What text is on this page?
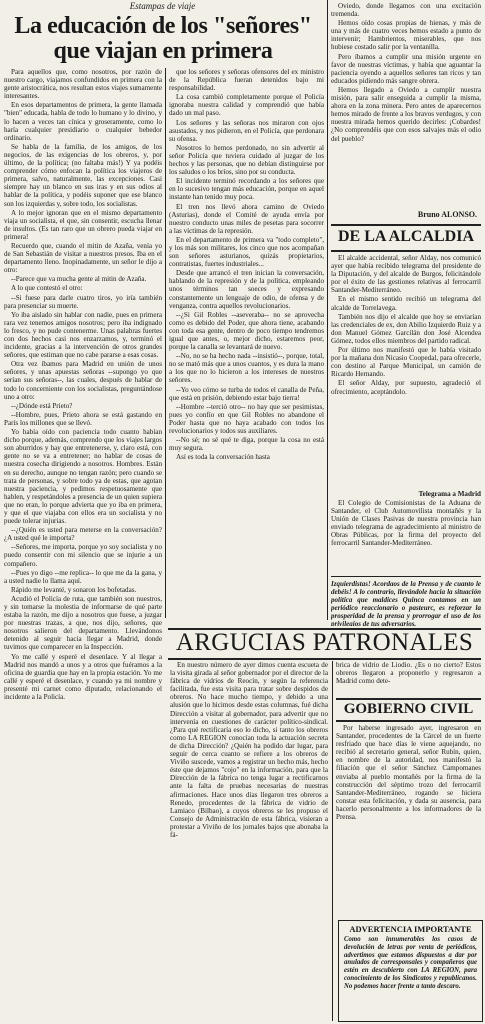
Estampas de viaje
La educación de los "señores"
que viajan en primera

Para aquellos que, como nosotros, por razón de nuestro cargo, viajamos confundidos en primera con la gente aristocrática, nos resultan estos viajes sumamente interesantes.

En esos departamentos de primera, la gente llamada "bien" educada, habla de todo lo humano y lo divino, y lo hacen a veces tan cínica y groseramente, como lo haría cualquier presidiario o cualquier bebedor ordinario.

Se habla de la familia, de los amigos, de los negocios, de las exigencias de los obreros, y, por último, de la política; (no faltaba más!) Y ya podéis comprender cómo enfocan la política los viajeros de primera, salvo, naturalmente, las excepciones. Casi siempre hay un blanco en sus iras y en sus odios al hablar de la política, y podéis suponer que ese blanco son los izquierdas y, sobre todo, los socialistas.

A lo mejor ignoran que en el mismo departamento viaja un socialista, el que, sin consentir, escucha llenar de insultos. (Es tan raro que un obrero pueda viajar en primera!

Recuerdo que, cuando el mitin de Azaña, venía yo de San Sebastián de visitar a nuestros presos. Iba en el departamento lleno. Inopinadamente, un señor le dijo a otro:

--Parece que va mucha gente al mitin de Azaña.

A lo que contestó el otro:

--Si fuese para darle cuatro tiros, yo iría también para presenciar su muerte.

Yo iba aislado sin hablar con nadie, pues en primera rara vez tenemos amigos nosotros; pero iba indignado lo fresco, y no pude contenerme. Unas palabras fuertes con dos hechos casi nos enzarzamos, y, terminó el incidente, gracias a la intervención de otros grandes señores, que estiman que no cabe pararse a esas cosas.

Otra vez íbamos para Madrid en unión de unos señores, y unas apuestas señoras --supongo yo que serían sus señoras--, las cuales, después de hablar de todo lo concerniente con los socialistas, preguntándose uno a otro:

--¿Dónde está Prieto?

--Hombre, pues, Prieto ahora se está gastando en París los millones que se llevó.

Yo había oído con paciencia todo cuanto habían dicho porque, además, comprendo que los viajes largos son aburridos y hay que entretenerse, y, claro está, con gente no se va a entretener; no hablar de cosas de nuestra cosecha dirigiendo a nosotros. Hombres. Están en su derecho, aunque no tengan razón; pero cuando se trata de personas, y sobre todo ya de estas, que agotan nuestra paciencia, y pedimos respetuosamente que hablen, y respetándoles a presencia de un quien supiera que no eran, lo porque advierta que yo iba en primera, y que el que viajaba con ellos era un socialista y no puede tolerar injurias.

--¿Quién es usted para meterse en la conversación? ¿A usted qué le importa?

--Señores, me importa, porque yo soy socialista y no puedo consentir con mi silencio que se injurie a un compañero.

--Pues yo digo --me replica-- lo que me da la gana, y a usted nadie lo llama aquí.

Rápido me levanté, y sonaron los bofetadas.

Acudió el Policía de ruta, que también son nuestros, y sin tomarse la molestia de informarse de qué parte estaba la razón, me dijo a nosotros que fuese, a juzgar por nuestras trazas, a que, nos dijo, señores, que nosotros salieron del departamento. Llevándonos detenido al seguir hacia llegar a Madrid, donde tuvimos que comparecer en la Inspección.

Yo me callé y esperé el desenlace. Y al llegar a Madrid nos mandó a unos y a otros que fuéramos a la oficina de guardia que hay en la propia estación. Yo me callé y esperé el desenlace, y cuando ya mi nombre y presenté mi carnet como diputado, relacionando el incidente a la Policía.

que los señores y señoras ofensores del ex ministro de la República fueran detenidos bajo mi responsabilidad.

La cosa cambió completamente porque el Policía ignoraba nuestra calidad y comprendió que había dado un mal paso.

Los señores y las señoras nos miraron con ojos asustados, y nos pidieron, en el Policía, que perdonara su ofensa.

Nosotros lo hemos perdonado, no sin advertir al señor Policía que tuviera cuidado al juzgar de los hechos y las personas, que no debían distinguirse por los saludos o los bríos, sino por su conducta.

El incidente terminó recordando a los señores que en lo sucesivo tengan más educación, porque en aquel instante han tenido muy poca.

El tren nos llevó ahora camino de Oviedo (Asturias), donde el Comité de ayuda envía por nuestro conducto unas miles de pesetas para socorrer a las víctimas de la represión.

En el departamento de primera va "todo completo", y los más son militares, los cinco que nos acompañan son señores asturianos, quizás propietarios, contratistas, fuertes industriales...

Desde que arrancó el tren inician la conversación, hablando de la represión y de la política, empleando unos términos tan soeces y expresando constantemente un lenguaje de odio, de ofensa y de venganza, contra aquellos revolucionarios.

--¿Si Gil Robles --aseveraba-- no se aprovecha como es debido del Poder, que ahora tiene, acabando con toda esa gente, dentro de poco tiempo tendremos igual que antes, o, mejor dicho, estaremos peor, porque la canalla se levantará de nuevo.

--No, no se ha hecho nada --insistió--, porque, total, no se mató más que a unos cuantos, y es dura la mano a los que no lo hicieron a los intereses de nuestros señores.

--Yo veo cómo se turba de todos el canalla de Peña, que está en prisión, debiendo estar bajo tierra!

--Hombre --terció otro-- no hay que ser pesimistas, pues yo confío en que Gil Robles no abandone el Poder hasta que no haya acabado con todos los revolucionarios y todos sus auxiliares.

--No sé; no sé qué te diga, porque la cosa no está muy segura.

Así es toda la conversación hasta

Oviedo, donde llegamos con una excitación tremenda.

Hemos oído cosas propias de hienas, y más de una y más de cuatro veces hemos estado a punto de intervenir; Hambrientos, miserables, que nos hubiese costado salir por la ventanilla.

Pero íbamos a cumplir una misión urgente en favor de nuestras víctimas, y había que aguantar la paciencia oyendo a aquellos señores tan ricos y tan educados pidiendo más sangre obrera.

Hemos llegado a Oviedo a cumplir nuestra misión, para salir enseguida a cumplir la misma, ahora en la zona minera. Pero antes de aparecernos hemos mirado de frente a los bravos verdugos, y con nuestra mirada hemos querido decirles: ¡Cobardes! ¿No comprendéis que con esos salvajes más el odio del pueblo?

Bruno ALONSO.
DE LA ALCALDIA

El alcalde accidental, señor Alday, nos comunicó ayer que había recibido telegrama del presidente de la Diputación, y del alcalde de Burgos, felicitándole por el éxito de las gestiones relativas al ferrocarril Santander-Mediterráneo.

En el mismo sentido recibió un telegrama del alcalde de Torrelavega.

También nos dijo el alcalde que hoy se enviarían las credenciales de ex, don Abilio Izquierdo Ruiz y a don Manuel Gómez Garcilán don José Alcendea Gómez, todos ellos miembros del partido radical.

Por último nos manifestó que le había visitado por la mañana don Nicasio Coopedal, para ofrecerle, con destino al Parque Municipal, un camión de Ricardo Hernando.

El señor Alday, por supuesto, agradeció el ofrecimiento, aceptándolo.

Telegrama a Madrid

El Colegio de Comisionistas de la Aduana de Santander, el Club Automovilista montañés y la Unión de Clases Pasivas de nuestra provincia han enviado telegrama de agradecimiento al ministro de Obras Públicas, por la firma del proyecto del ferrocarril Santander-Mediterráneo.

Izquierdistas! Acordaos de la Prensa y de cuanto le debéis! A lo contrario, llevándole hacia la situación política que maldices Quinca contamos en un periódico reaccionario o pasteurc, es reforzar la prosperidad de la prensa y prorrogar el uso de los privilegios de tus adversarios.
ARGUCIAS PATRONALES

En nuestro número de ayer dimos cuenta escueta de la visita girada al señor gobernador por el director de la fábrica de vidrios de Reocín, y según la referencia facilitada, fue esta visita para tratar sobre despidos de obreros. No hace mucho tiempo, y debido a una alusión que lo hicimos desde estas columnas, fué dicha Dirección a visitar al gobernador, para advertir que no intervenía en cuestiones de carácter político-sindical. ¿Para qué rectificaría eso lo dicho, si tanto los obreros como LA REGION conocían toda la actuación secreta de dicha Dirección? ¿Quién ha podido dar lugar, para seguir de cerca cuanto se refiere a los obreros de Viviño suscede, vamos a registrar un hecho más, hecho éste que dejamos "cojo" en la información, para que la Dirección de la fábrica no tenga lugar a rectificarnos ante la falta de pruebas necesarias de nuestras afirmaciones. Hace unos días llegaron tres obreros a Renedo, procedentes de la fábrica de vidrio de Lamiaco (Bilbao), a cuyos obreros se les propuso el Consejo de Administración de esta fábrica, visieran a protestar a Viviño de los jornales bajos que abonaba la fá-

brica de vidrio de Liodio. ¿Es o no cierto? Estos obreros llegaron a proponerlo y regresaron a Madrid como dete-

GOBIERNO CIVIL

Por haberse ingresado ayer, ingresaron en Santander, procedentes de la Cárcel de un fuerte resfriado que hace días le viene aquejando, no recibió al secretario general, señor Rubín, quien, en nombre de la autoridad, nos manifestó la filiación que el señor Sánchez Campomanes enviaba al pueblo montañés por la firma de la construcción del séptimo trozo del ferrocarril Santander-Mediterráneo, rogando se hiciera constar esta felicitación, y dada su ausencia, para hacerlo personalmente a los informadores de la Prensa.

ADVERTENCIA IMPORTANTE
Como son innumerables los casos de devolución de letras por venta de periódicos, advertimos que estamos dispuestos a dar por anulados de corresponsales y compañeros que estén en descubierto con LA REGION, para conocimiento de los Sindicatos y republicanos. No podemos hacer frente a tanto descaro.
